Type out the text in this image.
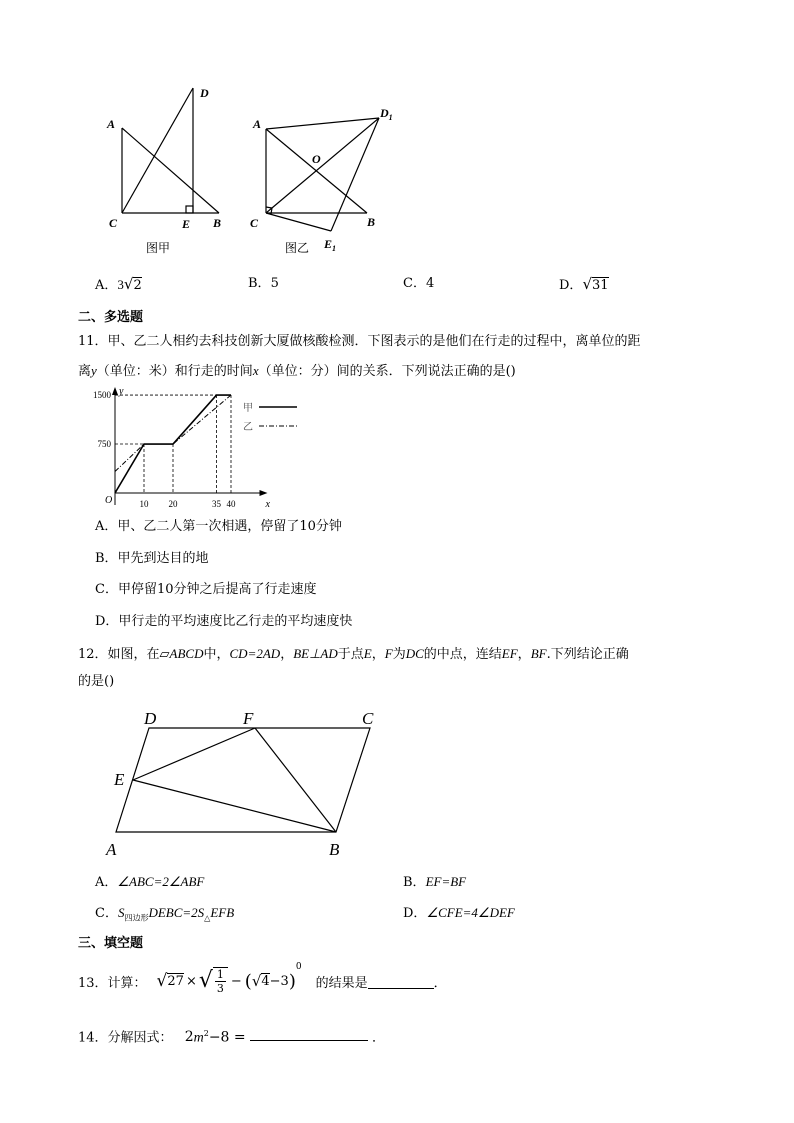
D
A
C	E B
图甲
A
$D_1$
O
C	B
$E_1$
图乙
A．3√2	B．5	C．4	D．√31
二、多选题
11．甲、乙二人相约去科技创新大厦做核酸检测．下图表示的是他们在行走的过程中，离单位的距
离y（单位：米）和行走的时间x（单位：分）间的关系．下列说法正确的是()
x
y
O
750
1500
10 20	35 40
甲
乙
A．甲、乙二人第一次相遇，停留了10分钟
B．甲先到达目的地
C．甲停留10分钟之后提高了行走速度
D．甲行走的平均速度比乙行走的平均速度快
12．如图，在▱ABCD中，CD=2AD，BE⊥AD于点E，F为DC的中点，连结EF，BF.下列结论正确
的是()
D	F	C
E
A	B
A．∠ABC=2∠ABF	B．EF=BF
C．$S_{四边形}DEBC=2S_\triangle EFB$	D．∠CFE=4∠DEF
三、填空题
13．计算： √ 27 × √ 1
3 − ( √ 4 −3 )
$^0$
的结果是	．
14．分解因式： $2m^2-8$ =	．
